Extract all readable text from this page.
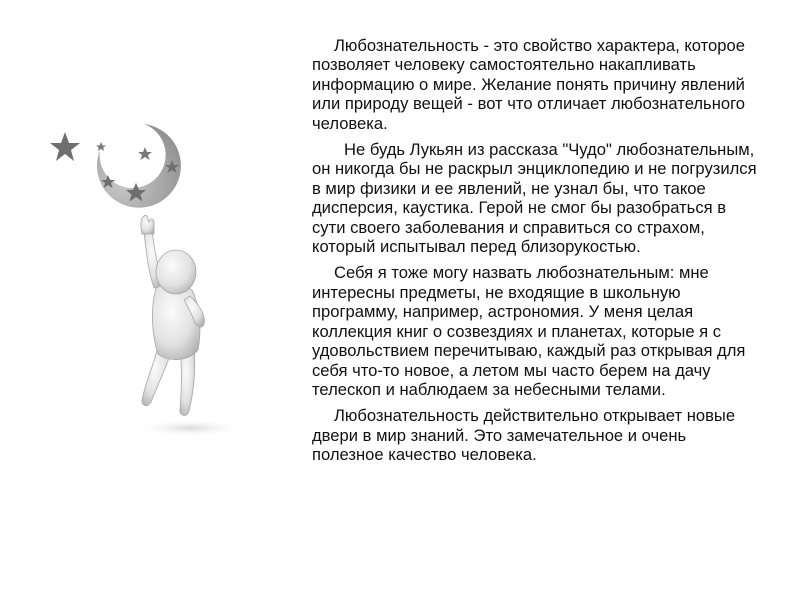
Любознательность - это свойство характера, которое позволяет человеку самостоятельно накапливать информацию о мире. Желание понять причину явлений или природу вещей - вот что отличает любознательного человека.

Не будь Лукьян из рассказа "Чудо" любознательным, он никогда бы не раскрыл энциклопедию и не погрузился в мир физики и ее явлений, не узнал бы, что такое дисперсия, каустика. Герой не смог бы разобраться в сути своего заболевания и справиться со страхом, который испытывал перед близорукостью.

Себя я тоже могу назвать любознательным: мне интересны предметы, не входящие в школьную программу, например, астрономия. У меня целая коллекция книг о созвездиях и планетах, которые я с удовольствием перечитываю, каждый раз открывая для себя что-то новое, а летом мы часто берем на дачу телескоп и наблюдаем за небесными телами.

Любознательность действительно открывает новые двери в мир знаний. Это замечательное и очень полезное качество человека.
